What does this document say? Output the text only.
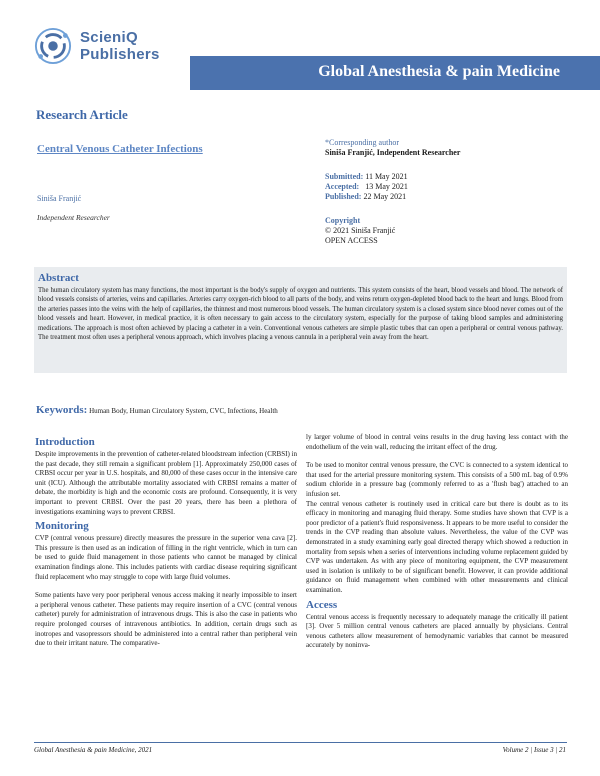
ScieniQ
Publishers
Global Anesthesia & pain Medicine
Research Article
Central Venous Catheter Infections
Siniša Franjić
Independent Researcher
*Corresponding author
Siniša Franjić, Independent Researcher
Submitted: 11 May 2021
Accepted: 13 May 2021
Published: 22 May 2021
Copyright
© 2021 Siniša Franjić
OPEN ACCESS
Abstract
The human circulatory system has many functions, the most important is the body's supply of oxygen and nutrients. This system consists of the heart, blood vessels and blood. The network of blood vessels consists of arteries, veins and capillaries. Arteries carry oxygen-rich blood to all parts of the body, and veins return oxygen-depleted blood back to the heart and lungs. Blood from the arteries passes into the veins with the help of capillaries, the thinnest and most numerous blood vessels. The human circulatory system is a closed system since blood never comes out of the blood vessels and heart. However, in medical practice, it is often necessary to gain access to the circulatory system, especially for the purpose of taking blood samples and administering medications. The approach is most often achieved by placing a catheter in a vein. Conventional venous catheters are simple plastic tubes that can open a peripheral or central venous pathway. The treatment most often uses a peripheral venous approach, which involves placing a venous cannula in a peripheral vein away from the heart.
Keywords: Human Body, Human Circulatory System, CVC, Infections, Health
Introduction
Despite improvements in the prevention of catheter-related bloodstream infection (CRBSI) in the past decade, they still remain a significant problem [1]. Approximately 250,000 cases of CRBSI occur per year in U.S. hospitals, and 80,000 of these cases occur in the intensive care unit (ICU). Although the attributable mortality associated with CRBSI remains a matter of debate, the morbidity is high and the economic costs are profound. Consequently, it is very important to prevent CRBSI. Over the past 20 years, there has been a plethora of investigations examining ways to prevent CRBSI.
Monitoring
CVP (central venous pressure) directly measures the pressure in the superior vena cava [2]. This pressure is then used as an indication of filling in the right ventricle, which in turn can be used to guide fluid management in those patients who cannot be managed by clinical examination findings alone. This includes patients with cardiac disease requiring significant fluid replacement who may struggle to cope with large fluid volumes.
Some patients have very poor peripheral venous access making it nearly impossible to insert a peripheral venous catheter. These patients may require insertion of a CVC (central venous catheter) purely for administration of intravenous drugs. This is also the case in patients who require prolonged courses of intravenous antibiotics. In addition, certain drugs such as inotropes and vasopressors should be administered into a central rather than peripheral vein due to their irritant nature. The comparative-
ly larger volume of blood in central veins results in the drug having less contact with the endothelium of the vein wall, reducing the irritant effect of the drug.
To be used to monitor central venous pressure, the CVC is connected to a system identical to that used for the arterial pressure monitoring system. This consists of a 500 mL bag of 0.9% sodium chloride in a pressure bag (commonly referred to as a 'flush bag') attached to an infusion set.
The central venous catheter is routinely used in critical care but there is doubt as to its efficacy in monitoring and managing fluid therapy. Some studies have shown that CVP is a poor predictor of a patient's fluid responsiveness. It appears to be more useful to consider the trends in the CVP reading than absolute values. Nevertheless, the value of the CVP was demonstrated in a study examining early goal directed therapy which showed a reduction in mortality from sepsis when a series of interventions including volume replacement guided by CVP was undertaken. As with any piece of monitoring equipment, the CVP measurement used in isolation is unlikely to be of significant benefit. However, it can provide additional guidance on fluid management when combined with other measurements and clinical examination.
Access
Central venous access is frequently necessary to adequately manage the critically ill patient [3]. Over 5 million central venous catheters are placed annually by physicians. Central venous catheters allow measurement of hemodynamic variables that cannot be measured accurately by noninva-
Global Anesthesia & pain Medicine, 2021	Volume 2 | Issue 3 | 21
